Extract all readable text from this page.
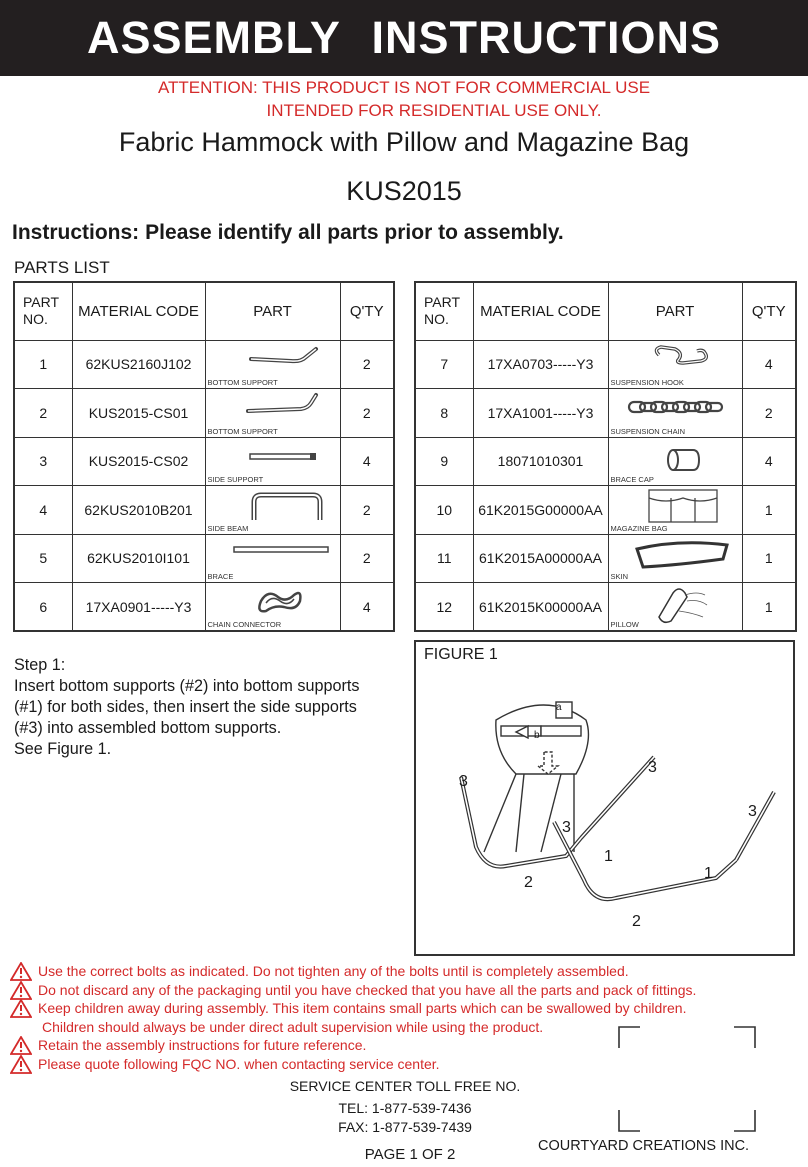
ASSEMBLY INSTRUCTIONS
ATTENTION: THIS PRODUCT IS NOT FOR COMMERCIAL USE
INTENDED FOR RESIDENTIAL USE ONLY.
Fabric Hammock with Pillow and Magazine Bag
KUS2015
Instructions: Please identify all parts prior to assembly.
PARTS LIST
PART
NO.	MATERIAL CODE	PART	Q'TY
1	62KUS2160J102	BOTTOM SUPPORT	2
2	KUS2015-CS01	BOTTOM SUPPORT	2
3	KUS2015-CS02	SIDE SUPPORT	4
4	62KUS2010B201	SIDE BEAM	2
5	62KUS2010I101	BRACE	2
6	17XA0901-----Y3	CHAIN CONNECTOR	4
PART
NO.	MATERIAL CODE	PART	Q'TY
7	17XA0703-----Y3	SUSPENSION HOOK	4
8	17XA1001-----Y3	SUSPENSION CHAIN	2
9	18071010301	BRACE CAP	4
10	61K2015G00000AA	MAGAZINE BAG	1
11	61K2015A00000AA	SKIN	1
12	61K2015K00000AA	PILLOW	1
Step 1:
Insert bottom supports (#2) into bottom supports
(#1) for both sides, then insert the side supports
(#3) into assembled bottom supports.
See Figure 1.
a
b
3
3
3
3
1
1
2
2
FIGURE 1
Use the correct bolts as indicated. Do not tighten any of the bolts until is completely assembled.
Do not discard any of the packaging until you have checked that you have all the parts and pack of fittings.
Keep children away during assembly. This item contains small parts which can be swallowed by children.
Children should always be under direct adult supervision while using the product.
Retain the assembly instructions for future reference.
Please quote following FQC NO. when contacting service center.
SERVICE CENTER TOLL FREE NO.
TEL: 1-877-539-7436
FAX: 1-877-539-7439
PAGE 1 OF 2	COURTYARD CREATIONS INC.
